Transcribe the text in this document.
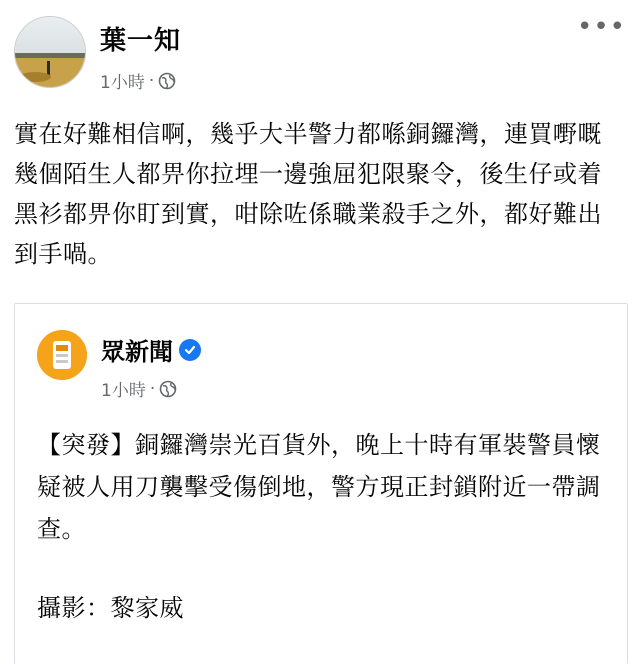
葉一知
1小時 ·
•••
實在好難相信啊，幾乎大半警力都喺銅鑼灣，連買嘢嘅幾個陌生人都畀你拉埋一邊強屈犯限聚令，後生仔或着黑衫都畀你盯到實，咁除咗係職業殺手之外，都好難出到手喎。
眾新聞
1小時 ·
【突發】銅鑼灣崇光百貨外，晚上十時有軍裝警員懷疑被人用刀襲擊受傷倒地，警方現正封鎖附近一帶調查。
攝影：黎家威
